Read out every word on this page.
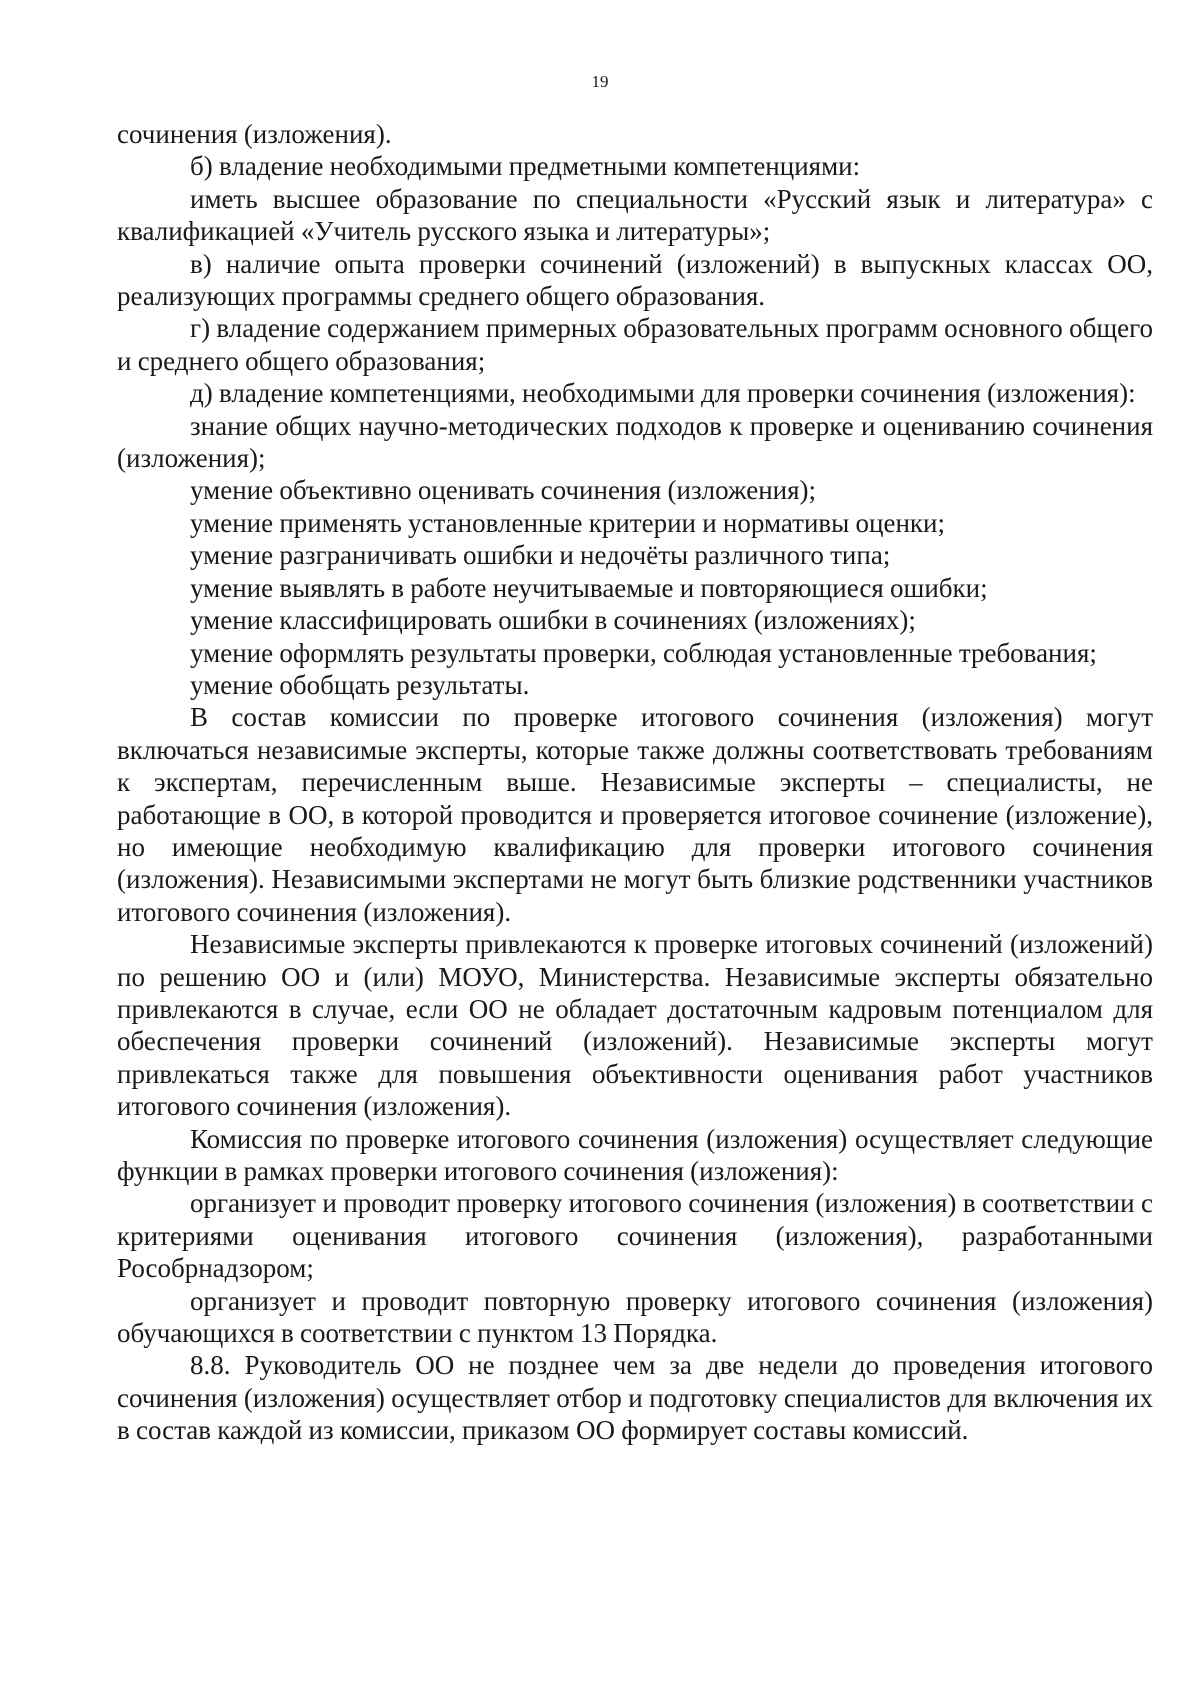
19

сочинения (изложения).

б) владение необходимыми предметными компетенциями:

иметь высшее образование по специальности «Русский язык и литература» с квалификацией «Учитель русского языка и литературы»;

в) наличие опыта проверки сочинений (изложений) в выпускных классах ОО, реализующих программы среднего общего образования.

г) владение содержанием примерных образовательных программ основного общего и среднего общего образования;

д) владение компетенциями, необходимыми для проверки сочинения (изложения):

знание общих научно-методических подходов к проверке и оцениванию сочинения (изложения);

умение объективно оценивать сочинения (изложения);

умение применять установленные критерии и нормативы оценки;

умение разграничивать ошибки и недочёты различного типа;

умение выявлять в работе неучитываемые и повторяющиеся ошибки;

умение классифицировать ошибки в сочинениях (изложениях);

умение оформлять результаты проверки, соблюдая установленные требования;

умение обобщать результаты.

В состав комиссии по проверке итогового сочинения (изложения) могут включаться независимые эксперты, которые также должны соответствовать требованиям к экспертам, перечисленным выше. Независимые эксперты – специалисты, не работающие в ОО, в которой проводится и проверяется итоговое сочинение (изложение), но имеющие необходимую квалификацию для проверки итогового сочинения (изложения). Независимыми экспертами не могут быть близкие родственники участников итогового сочинения (изложения).

Независимые эксперты привлекаются к проверке итоговых сочинений (изложений) по решению ОО и (или) МОУО, Министерства. Независимые эксперты обязательно привлекаются в случае, если ОО не обладает достаточным кадровым потенциалом для обеспечения проверки сочинений (изложений). Независимые эксперты могут привлекаться также для повышения объективности оценивания работ участников итогового сочинения (изложения).

Комиссия по проверке итогового сочинения (изложения) осуществляет следующие функции в рамках проверки итогового сочинения (изложения):

организует и проводит проверку итогового сочинения (изложения) в соответствии с критериями оценивания итогового сочинения (изложения), разработанными Рособрнадзором;

организует и проводит повторную проверку итогового сочинения (изложения) обучающихся в соответствии с пунктом 13 Порядка.

8.8. Руководитель ОО не позднее чем за две недели до проведения итогового сочинения (изложения) осуществляет отбор и подготовку специалистов для включения их в состав каждой из комиссии, приказом ОО формирует составы комиссий.
